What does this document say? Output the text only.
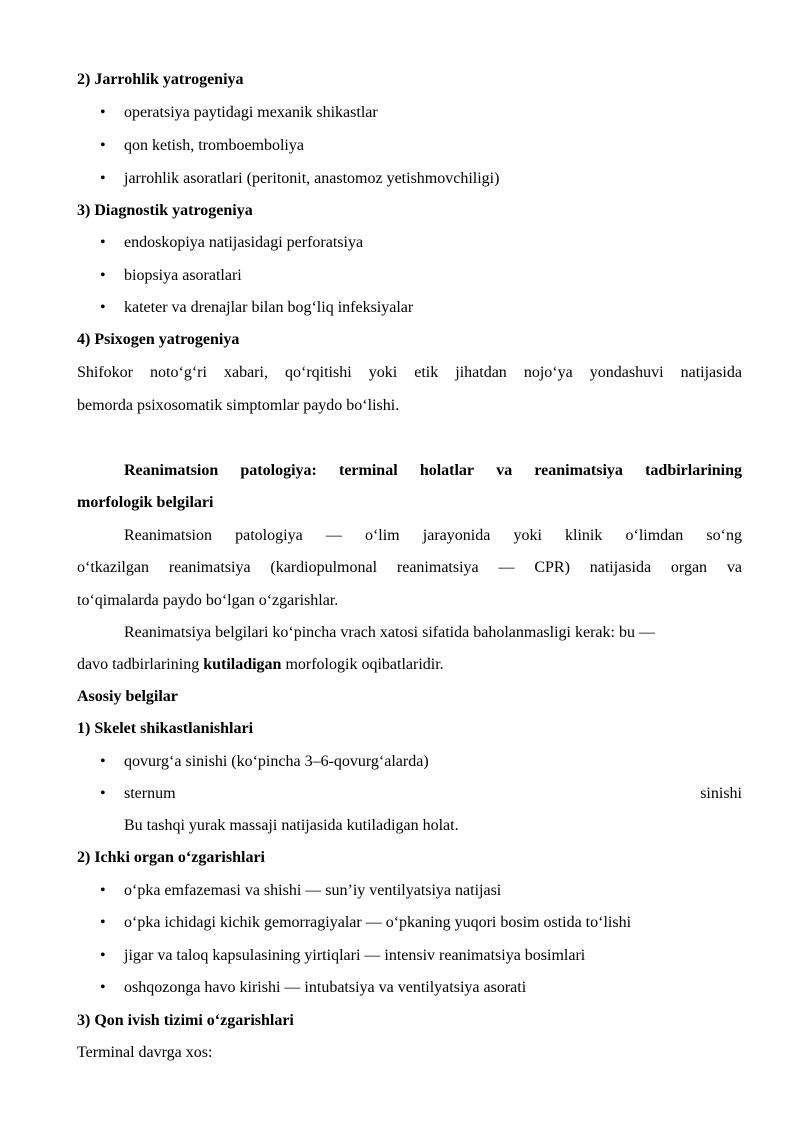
2) Jarrohlik yatrogeniya
• operatsiya paytidagi mexanik shikastlar
• qon ketish, tromboemboliya
• jarrohlik asoratlari (peritonit, anastomoz yetishmovchiligi)
3) Diagnostik yatrogeniya
• endoskopiya natijasidagi perforatsiya
• biopsiya asoratlari
• kateter va drenajlar bilan bog‘liq infeksiyalar
4) Psixogen yatrogeniya
Shifokor noto‘g‘ri xabari, qo‘rqitishi yoki etik jihatdan nojo‘ya yondashuvi natijasida
bemorda psixosomatik simptomlar paydo bo‘lishi.
Reanimatsion patologiya: terminal holatlar va reanimatsiya tadbirlarining
morfologik belgilari
Reanimatsion patologiya — o‘lim jarayonida yoki klinik o‘limdan so‘ng
o‘tkazilgan reanimatsiya (kardiopulmonal reanimatsiya — CPR) natijasida organ va
to‘qimalarda paydo bo‘lgan o‘zgarishlar.
Reanimatsiya belgilari ko‘pincha vrach xatosi sifatida baholanmasligi kerak: bu —
davo tadbirlarining kutiladigan morfologik oqibatlaridir.
Asosiy belgilar
1) Skelet shikastlanishlari
• qovurg‘a sinishi (ko‘pincha 3–6-qovurg‘alarda)
• sternum	sinishi
Bu tashqi yurak massaji natijasida kutiladigan holat.
2) Ichki organ o‘zgarishlari
• o‘pka emfazemasi va shishi — sun’iy ventilyatsiya natijasi
• o‘pka ichidagi kichik gemorragiyalar — o‘pkaning yuqori bosim ostida to‘lishi
• jigar va taloq kapsulasining yirtiqlari — intensiv reanimatsiya bosimlari
• oshqozonga havo kirishi — intubatsiya va ventilyatsiya asorati
3) Qon ivish tizimi o‘zgarishlari
Terminal davrga xos:
